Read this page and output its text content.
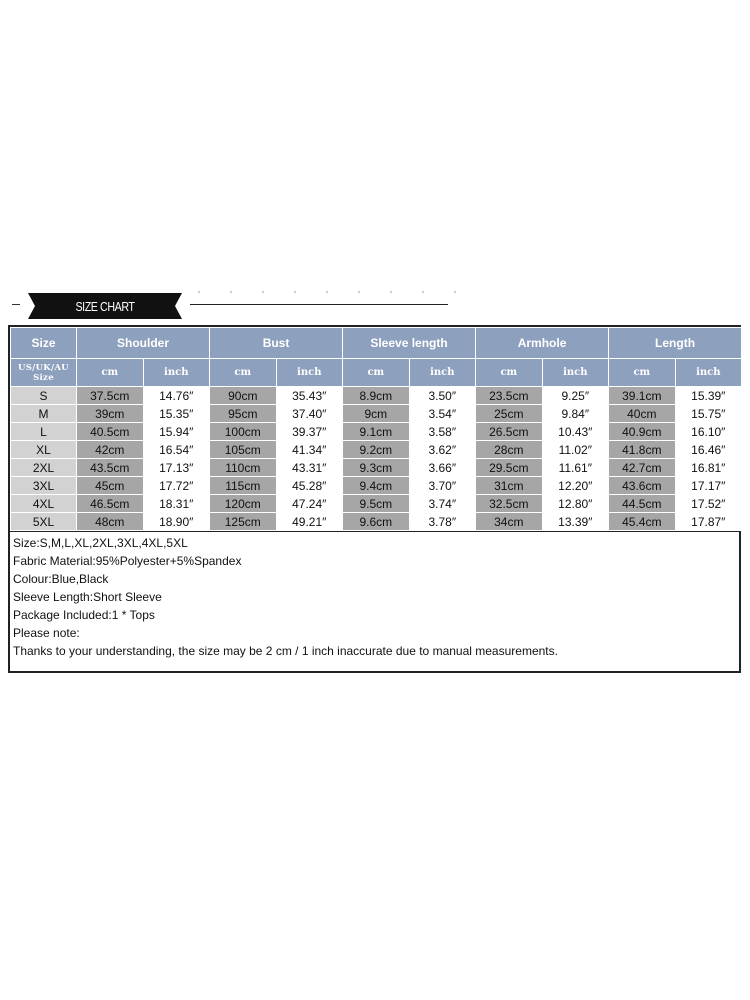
SIZE CHART
Size	Shoulder		Bust		Sleeve length		Armhole		Length	

US/UK/AU
Size	cm	inch	cm	inch	cm	inch	cm	inch	cm	inch
S	37.5cm	14.76″	90cm	35.43″	8.9cm	3.50″	23.5cm	9.25″	39.1cm	15.39″
M	39cm	15.35″	95cm	37.40″	9cm	3.54″	25cm	9.84″	40cm	15.75″
L	40.5cm	15.94″	100cm	39.37″	9.1cm	3.58″	26.5cm	10.43″	40.9cm	16.10″
XL	42cm	16.54″	105cm	41.34″	9.2cm	3.62″	28cm	11.02″	41.8cm	16.46″
2XL	43.5cm	17.13″	110cm	43.31″	9.3cm	3.66″	29.5cm	11.61″	42.7cm	16.81″
3XL	45cm	17.72″	115cm	45.28″	9.4cm	3.70″	31cm	12.20″	43.6cm	17.17″
4XL	46.5cm	18.31″	120cm	47.24″	9.5cm	3.74″	32.5cm	12.80″	44.5cm	17.52″
5XL	48cm	18.90″	125cm	49.21″	9.6cm	3.78″	34cm	13.39″	45.4cm	17.87″
Size:S,M,L,XL,2XL,3XL,4XL,5XL
Fabric Material:95%Polyester+5%Spandex
Colour:Blue,Black
Sleeve Length:Short Sleeve
Package Included:1 * Tops
Please note:
Thanks to your understanding, the size may be 2 cm / 1 inch inaccurate due to manual measurements.
